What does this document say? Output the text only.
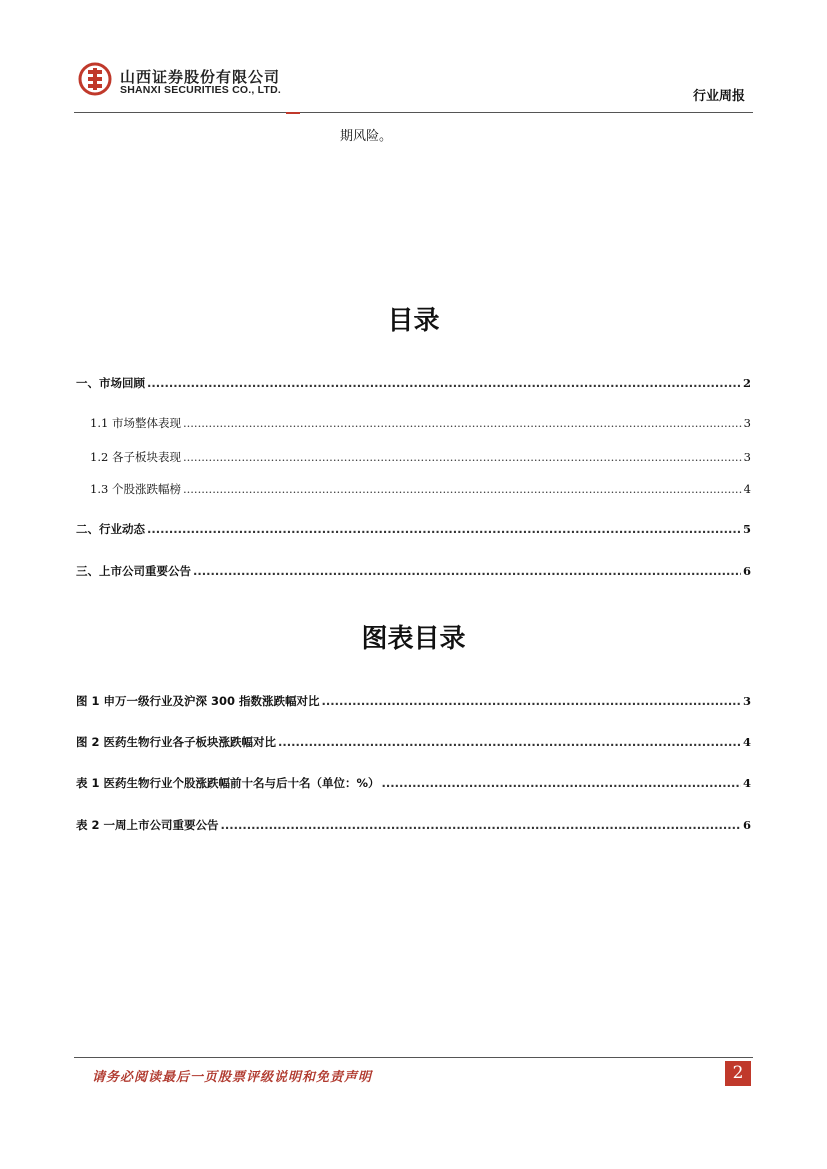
山西证券股份有限公司
SHANXI SECURITIES CO., LTD.	行业周报
期风险。
目录
一、市场回顾 .....	2
1.1 市场整体表现 .....	3
1.2 各子板块表现 .....	3
1.3 个股涨跌幅榜 .....	4
二、行业动态 .....	5
三、上市公司重要公告 .....	6
图表目录
图 1 申万一级行业及沪深 300 指数涨跌幅对比 .....	3
图 2 医药生物行业各子板块涨跌幅对比 .....	4
表 1 医药生物行业个股涨跌幅前十名与后十名（单位：%） .....	4
表 2 一周上市公司重要公告 .....	6
请务必阅读最后一页股票评级说明和免责声明	2
